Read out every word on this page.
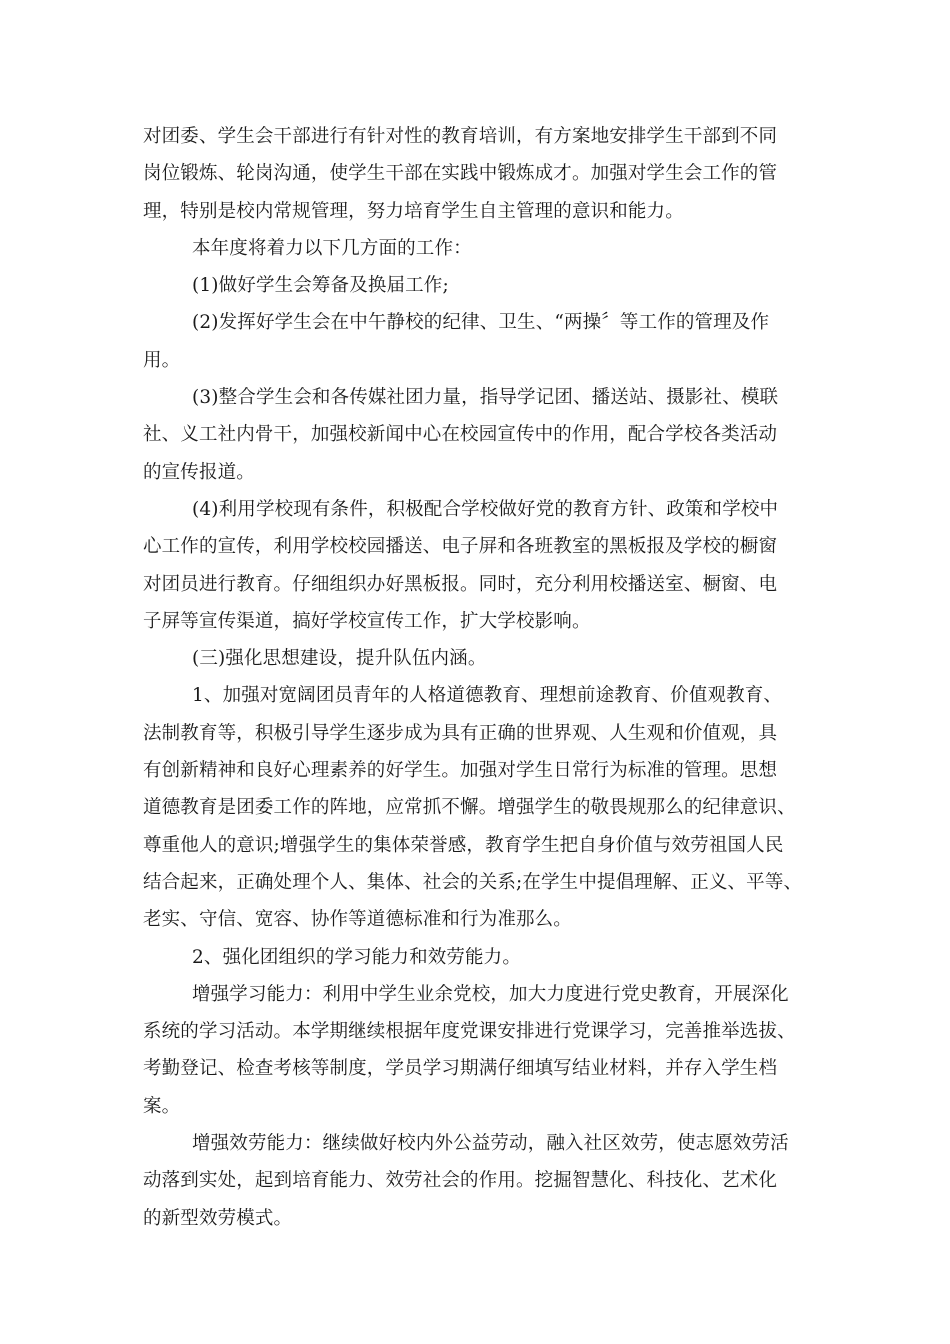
对团委、学生会干部进行有针对性的教育培训，有方案地安排学生干部到不同
岗位锻炼、轮岗沟通，使学生干部在实践中锻炼成才。加强对学生会工作的管
理，特别是校内常规管理，努力培育学生自主管理的意识和能力。
本年度将着力以下几方面的工作：
(1)做好学生会筹备及换届工作;
(2)发挥好学生会在中午静校的纪律、卫生、“两操〞等工作的管理及作
用。
(3)整合学生会和各传媒社团力量，指导学记团、播送站、摄影社、模联
社、义工社内骨干，加强校新闻中心在校园宣传中的作用，配合学校各类活动
的宣传报道。
(4)利用学校现有条件，积极配合学校做好党的教育方针、政策和学校中
心工作的宣传，利用学校校园播送、电子屏和各班教室的黑板报及学校的橱窗
对团员进行教育。仔细组织办好黑板报。同时，充分利用校播送室、橱窗、电
子屏等宣传渠道，搞好学校宣传工作，扩大学校影响。
(三)强化思想建设，提升队伍内涵。
1、加强对宽阔团员青年的人格道德教育、理想前途教育、价值观教育、
法制教育等，积极引导学生逐步成为具有正确的世界观、人生观和价值观，具
有创新精神和良好心理素养的好学生。加强对学生日常行为标准的管理。思想
道德教育是团委工作的阵地，应常抓不懈。增强学生的敬畏规那么的纪律意识、
尊重他人的意识;增强学生的集体荣誉感，教育学生把自身价值与效劳祖国人民
结合起来，正确处理个人、集体、社会的关系;在学生中提倡理解、正义、平等、
老实、守信、宽容、协作等道德标准和行为准那么。
2、强化团组织的学习能力和效劳能力。
增强学习能力：利用中学生业余党校，加大力度进行党史教育，开展深化
系统的学习活动。本学期继续根据年度党课安排进行党课学习，完善推举选拔、
考勤登记、检查考核等制度，学员学习期满仔细填写结业材料，并存入学生档
案。
增强效劳能力：继续做好校内外公益劳动，融入社区效劳，使志愿效劳活
动落到实处，起到培育能力、效劳社会的作用。挖掘智慧化、科技化、艺术化
的新型效劳模式。
